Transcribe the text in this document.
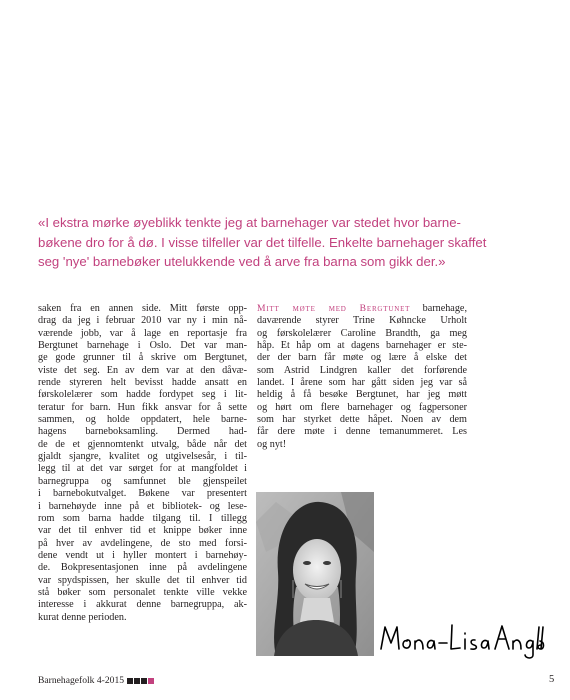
«I ekstra mørke øyeblikk tenkte jeg at barnehager var stedet hvor barne-
bøkene dro for å dø. I visse tilfeller var det tilfelle. Enkelte barnehager skaffet
seg 'nye' barnebøker utelukkende ved å arve fra barna som gikk der.»
saken fra en annen side. Mitt første opp-
drag da jeg i februar 2010 var ny i min nå-
værende jobb, var å lage en reportasje fra
Bergtunet barnehage i Oslo. Det var man-
ge gode grunner til å skrive om Bergtunet,
viste det seg. En av dem var at den dåvæ-
rende styreren helt bevisst hadde ansatt en
førskolelærer som hadde fordypet seg i lit-
teratur for barn. Hun fikk ansvar for å sette
sammen, og holde oppdatert, hele barne-
hagens barneboksamling. Dermed had-
de de et gjennomtenkt utvalg, både når det
gjaldt sjangre, kvalitet og utgivelsesår, i til-
legg til at det var sørget for at mangfoldet i
barnegruppa og samfunnet ble gjenspeilet
i barnebokutvalget. Bøkene var presentert
i barnehøyde inne på et bibliotek- og lese-
rom som barna hadde tilgang til. I tillegg
var det til enhver tid et knippe bøker inne
på hver av avdelingene, de sto med forsi-
dene vendt ut i hyller montert i barnehøy-
de. Bokpresentasjonen inne på avdelingene
var spydspissen, her skulle det til enhver tid
stå bøker som personalet tenkte ville vekke
interesse i akkurat denne barnegruppa, ak-
kurat denne perioden.
Mitt møte med Bergtunet barnehage,
daværende styrer Trine Køhncke Urholt
og førskolelærer Caroline Brandth, ga meg
håp. Et håp om at dagens barnehager er ste-
der der barn får møte og lære å elske det
som Astrid Lindgren kaller det forførende
landet. I årene som har gått siden jeg var så
heldig å få besøke Bergtunet, har jeg møtt
og hørt om flere barnehager og fagpersoner
som har styrket dette håpet. Noen av dem
får dere møte i denne temanummeret. Les
og nyt!
Barnehagefolk 4-2015	5
